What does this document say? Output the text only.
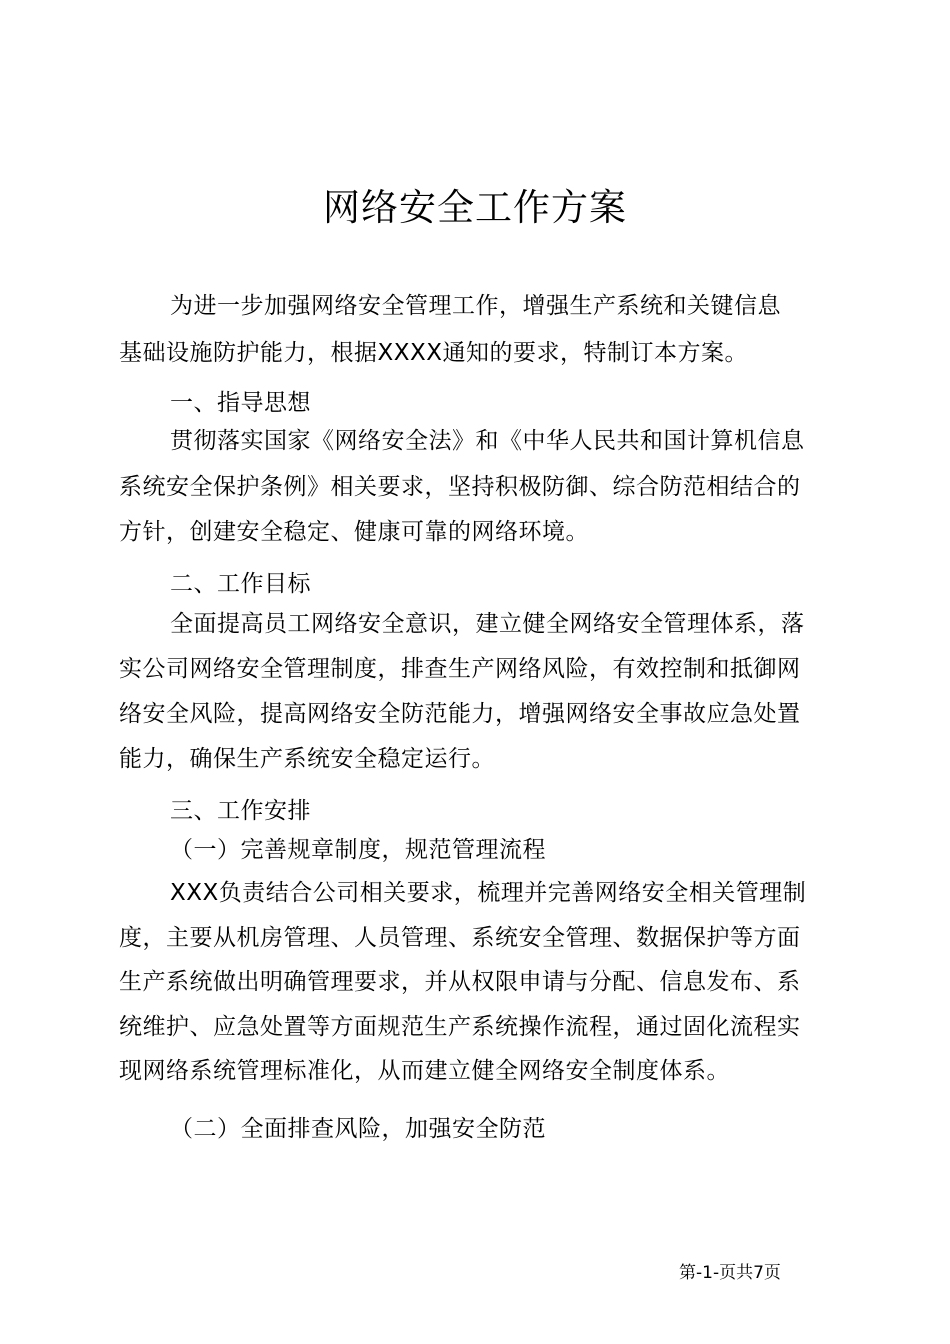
网络安全工作方案
为进一步加强网络安全管理工作，增强生产系统和关键信息
基础设施防护能力，根据XXXX通知的要求，特制订本方案。
一、指导思想
贯彻落实国家《网络安全法》和《中华人民共和国计算机信息
系统安全保护条例》相关要求，坚持积极防御、综合防范相结合的
方针，创建安全稳定、健康可靠的网络环境。
二、工作目标
全面提高员工网络安全意识，建立健全网络安全管理体系，落
实公司网络安全管理制度，排查生产网络风险，有效控制和抵御网
络安全风险，提高网络安全防范能力，增强网络安全事故应急处置
能力，确保生产系统安全稳定运行。
三、工作安排
（一）完善规章制度，规范管理流程
XXX负责结合公司相关要求，梳理并完善网络安全相关管理制
度，主要从机房管理、人员管理、系统安全管理、数据保护等方面
生产系统做出明确管理要求，并从权限申请与分配、信息发布、系
统维护、应急处置等方面规范生产系统操作流程，通过固化流程实
现网络系统管理标准化，从而建立健全网络安全制度体系。
（二）全面排查风险，加强安全防范
第-1-页共7页
